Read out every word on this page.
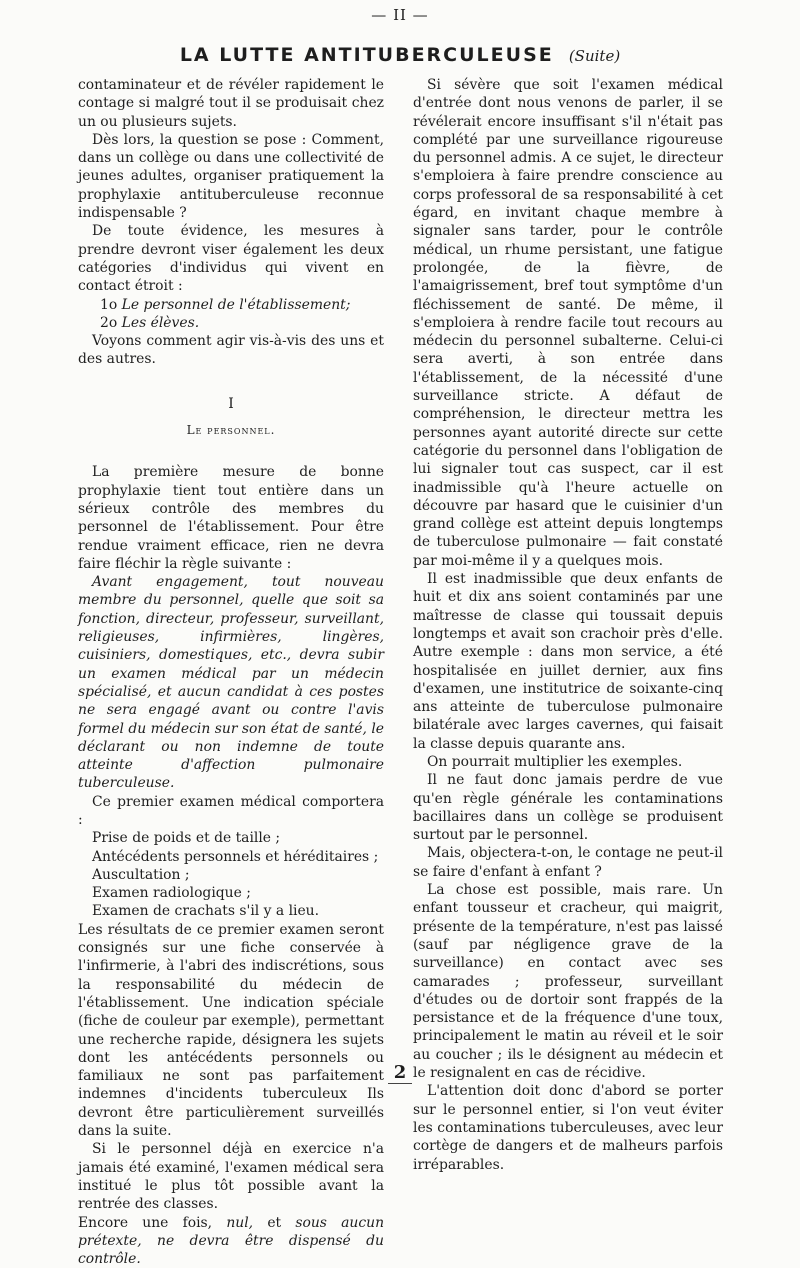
— II —
LA LUTTE ANTITUBERCULEUSE (Suite)

contaminateur et de révéler rapidement le contage si malgré tout il se produisait chez un ou plusieurs sujets.

Dès lors, la question se pose : Comment, dans un collège ou dans une collectivité de jeunes adultes, organiser pratiquement la prophylaxie antituberculeuse reconnue indispensable ?

De toute évidence, les mesures à prendre devront viser également les deux catégories d'individus qui vivent en contact étroit :

1o Le personnel de l'établissement;
2o Les élèves.

Voyons comment agir vis-à-vis des uns et des autres.

I
Le personnel.

La première mesure de bonne prophylaxie tient tout entière dans un sérieux contrôle des membres du personnel de l'établissement. Pour être rendue vraiment efficace, rien ne devra faire fléchir la règle suivante :

Avant engagement, tout nouveau membre du personnel, quelle que soit sa fonction, directeur, professeur, surveillant, religieuses, infirmières, lingères, cuisiniers, domestiques, etc., devra subir un examen médical par un médecin spécialisé, et aucun candidat à ces postes ne sera engagé avant ou contre l'avis formel du médecin sur son état de santé, le déclarant ou non indemne de toute atteinte d'affection pulmonaire tuberculeuse.

Ce premier examen médical comportera :

Prise de poids et de taille ;
Antécédents personnels et héréditaires ;
Auscultation ;
Examen radiologique ;
Examen de crachats s'il y a lieu.

Les résultats de ce premier examen seront consignés sur une fiche conservée à l'infirmerie, à l'abri des indiscrétions, sous la responsabilité du médecin de l'établissement. Une indication spéciale (fiche de couleur par exemple), permettant une recherche rapide, désignera les sujets dont les antécédents personnels ou familiaux ne sont pas parfaitement indemnes d'incidents tuberculeux Ils devront être particulièrement surveillés dans la suite.

Si le personnel déjà en exercice n'a jamais été examiné, l'examen médical sera institué le plus tôt possible avant la rentrée des classes.

Encore une fois, nul, et sous aucun prétexte, ne devra être dispensé du contrôle.

Si sévère que soit l'examen médical d'entrée dont nous venons de parler, il se révélerait encore insuffisant s'il n'était pas complété par une surveillance rigoureuse du personnel admis. A ce sujet, le directeur s'emploiera à faire prendre conscience au corps professoral de sa responsabilité à cet égard, en invitant chaque membre à signaler sans tarder, pour le contrôle médical, un rhume persistant, une fatigue prolongée, de la fièvre, de l'amaigrissement, bref tout symptôme d'un fléchissement de santé. De même, il s'emploiera à rendre facile tout recours au médecin du personnel subalterne. Celui-ci sera averti, à son entrée dans l'établissement, de la nécessité d'une surveillance stricte. A défaut de compréhension, le directeur mettra les personnes ayant autorité directe sur cette catégorie du personnel dans l'obligation de lui signaler tout cas suspect, car il est inadmissible qu'à l'heure actuelle on découvre par hasard que le cuisinier d'un grand collège est atteint depuis longtemps de tuberculose pulmonaire — fait constaté par moi-même il y a quelques mois.

Il est inadmissible que deux enfants de huit et dix ans soient contaminés par une maîtresse de classe qui toussait depuis longtemps et avait son crachoir près d'elle. Autre exemple : dans mon service, a été hospitalisée en juillet dernier, aux fins d'examen, une institutrice de soixante-cinq ans atteinte de tuberculose pulmonaire bilatérale avec larges cavernes, qui faisait la classe depuis quarante ans.

On pourrait multiplier les exemples.

Il ne faut donc jamais perdre de vue qu'en règle générale les contaminations bacillaires dans un collège se produisent surtout par le personnel.

Mais, objectera-t-on, le contage ne peut-il se faire d'enfant à enfant ?

La chose est possible, mais rare. Un enfant tousseur et cracheur, qui maigrit, présente de la température, n'est pas laissé (sauf par négligence grave de la surveillance) en contact avec ses camarades ; professeur, surveillant d'études ou de dortoir sont frappés de la persistance et de la fréquence d'une toux, principalement le matin au réveil et le soir au coucher ; ils le désignent au médecin et le resignalent en cas de récidive.

L'attention doit donc d'abord se porter sur le personnel entier, si l'on veut éviter les contaminations tuberculeuses, avec leur cortège de dangers et de malheurs parfois irréparables.

2
